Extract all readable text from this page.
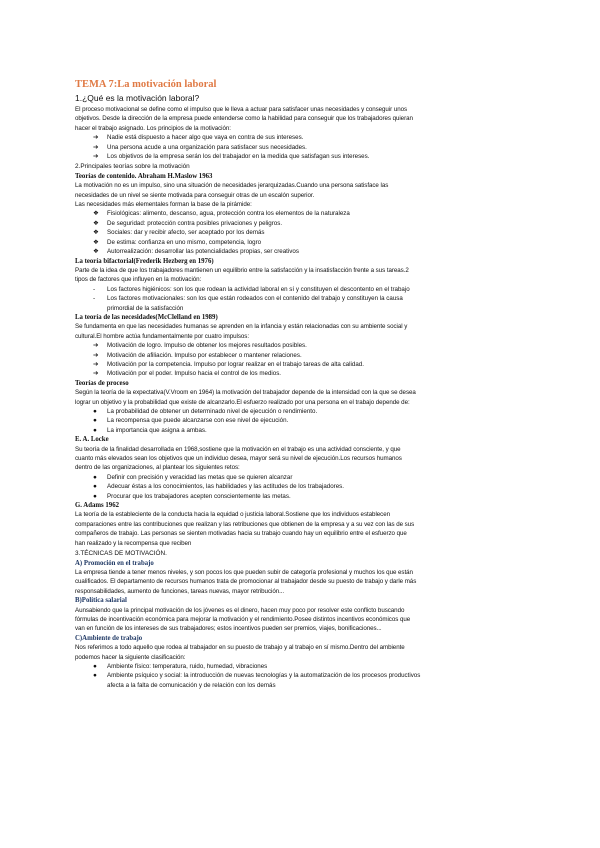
TEMA 7:La motivación laboral
1.¿Qué es la motivación laboral?
El proceso motivacional se define como el impulso que le lleva a actuar para satisfacer unas necesidades y conseguir unos
objetivos. Desde la dirección de la empresa puede entenderse como la habilidad para conseguir que los trabajadores quieran
hacer el trabajo asignado. Los principios de la motivación:
➔ Nadie está dispuesto a hacer algo que vaya en contra de sus intereses.
➔ Una persona acude a una organización para satisfacer sus necesidades.
➔ Los objetivos de la empresa serán los del trabajador en la medida que satisfagan sus intereses.
2.Principales teorías sobre la motivación
Teorías de contenido. Abraham H.Maslow 1963
La motivación no es un impulso, sino una situación de necesidades jerarquizadas.Cuando una persona satisface las
necesidades de un nivel se siente motivada para conseguir otras de un escalón superior.
Las necesidades más elementales forman la base de la pirámide:
❖ Fisiológicas: alimento, descanso, agua, protección contra los elementos de la naturaleza
❖ De seguridad: protección contra posibles privaciones y peligros.
❖ Sociales: dar y recibir afecto, ser aceptado por los demás
❖ De estima: confianza en uno mismo, competencia, logro
❖ Autorrealización: desarrollar las potencialidades propias, ser creativos
La teoría bifactorial(Frederik Hezberg en 1976)
Parte de la idea de que los trabajadores mantienen un equilibrio entre la satisfacción y la insatisfacción frente a sus tareas.2
tipos de factores que influyen en la motivación:
- Los factores higiénicos: son los que rodean la actividad laboral en sí y constituyen el descontento en el trabajo
- Los factores motivacionales: son los que están rodeados con el contenido del trabajo y constituyen la causa
primordial de la satisfacción
La teoría de las necesidades(McClelland en 1989)
Se fundamenta en que las necesidades humanas se aprenden en la infancia y están relacionadas con su ambiente social y
cultural.El hombre actúa fundamentalmente por cuatro impulsos:
➔ Motivación de logro. Impulso de obtener los mejores resultados posibles.
➔ Motivación de afiliación. Impulso por establecer o mantener relaciones.
➔ Motivación por la competencia. Impulso por lograr realizar en el trabajo tareas de alta calidad.
➔ Motivación por el poder. Impulso hacia el control de los medios.
Teorías de proceso
Según la teoría de la expectativa(V.Vroom en 1964) la motivación del trabajador depende de la intensidad con la que se desea
lograr un objetivo y la probabilidad que existe de alcanzarlo.El esfuerzo realizado por una persona en el trabajo depende de:
● La probabilidad de obtener un determinado nivel de ejecución o rendimiento.
● La recompensa que puede alcanzarse con ese nivel de ejecución.
● La importancia que asigna a ambas.
E. A. Locke
Su teoría de la finalidad desarrollada en 1968,sostiene que la motivación en el trabajo es una actividad consciente, y que
cuanto más elevados sean los objetivos que un individuo desea, mayor será su nivel de ejecución.Los recursos humanos
dentro de las organizaciones, al plantear los siguientes retos:
● Definir con precisión y veracidad las metas que se quieren alcanzar
● Adecuar éstas a los conocimientos, las habilidades y las actitudes de los trabajadores.
● Procurar que los trabajadores acepten conscientemente las metas.
G. Adams 1962
La teoría de la estableciente de la conducta hacia la equidad o justicia laboral.Sostiene que los individuos establecen
comparaciones entre las contribuciones que realizan y las retribuciones que obtienen de la empresa y a su vez con las de sus
compañeros de trabajo. Las personas se sienten motivadas hacia su trabajo cuando hay un equilibrio entre el esfuerzo que
han realizado y la recompensa que reciben
3.TÉCNICAS DE MOTIVACIÓN.
A) Promoción en el trabajo
La empresa tiende a tener menos niveles, y son pocos los que pueden subir de categoría profesional y muchos los que están
cualificados. El departamento de recursos humanos trata de promocionar al trabajador desde su puesto de trabajo y darle más
responsabilidades, aumento de funciones, tareas nuevas, mayor retribución...
B)Política salarial
Aunsabiendo que la principal motivación de los jóvenes es el dinero, hacen muy poco por resolver este conflicto buscando
fórmulas de incentivación económica para mejorar la motivación y el rendimiento.Posee distintos incentivos económicos que
van en función de los intereses de sus trabajadores; estos incentivos pueden ser premios, viajes, bonificaciones...
C)Ambiente de trabajo
Nos referimos a todo aquello que rodea al trabajador en su puesto de trabajo y al trabajo en sí mismo.Dentro del ambiente
podemos hacer la siguiente clasificación:
● Ambiente físico: temperatura, ruido, humedad, vibraciones
● Ambiente psíquico y social: la introducción de nuevas tecnologías y la automatización de los procesos productivos
afecta a la falta de comunicación y de relación con los demás
